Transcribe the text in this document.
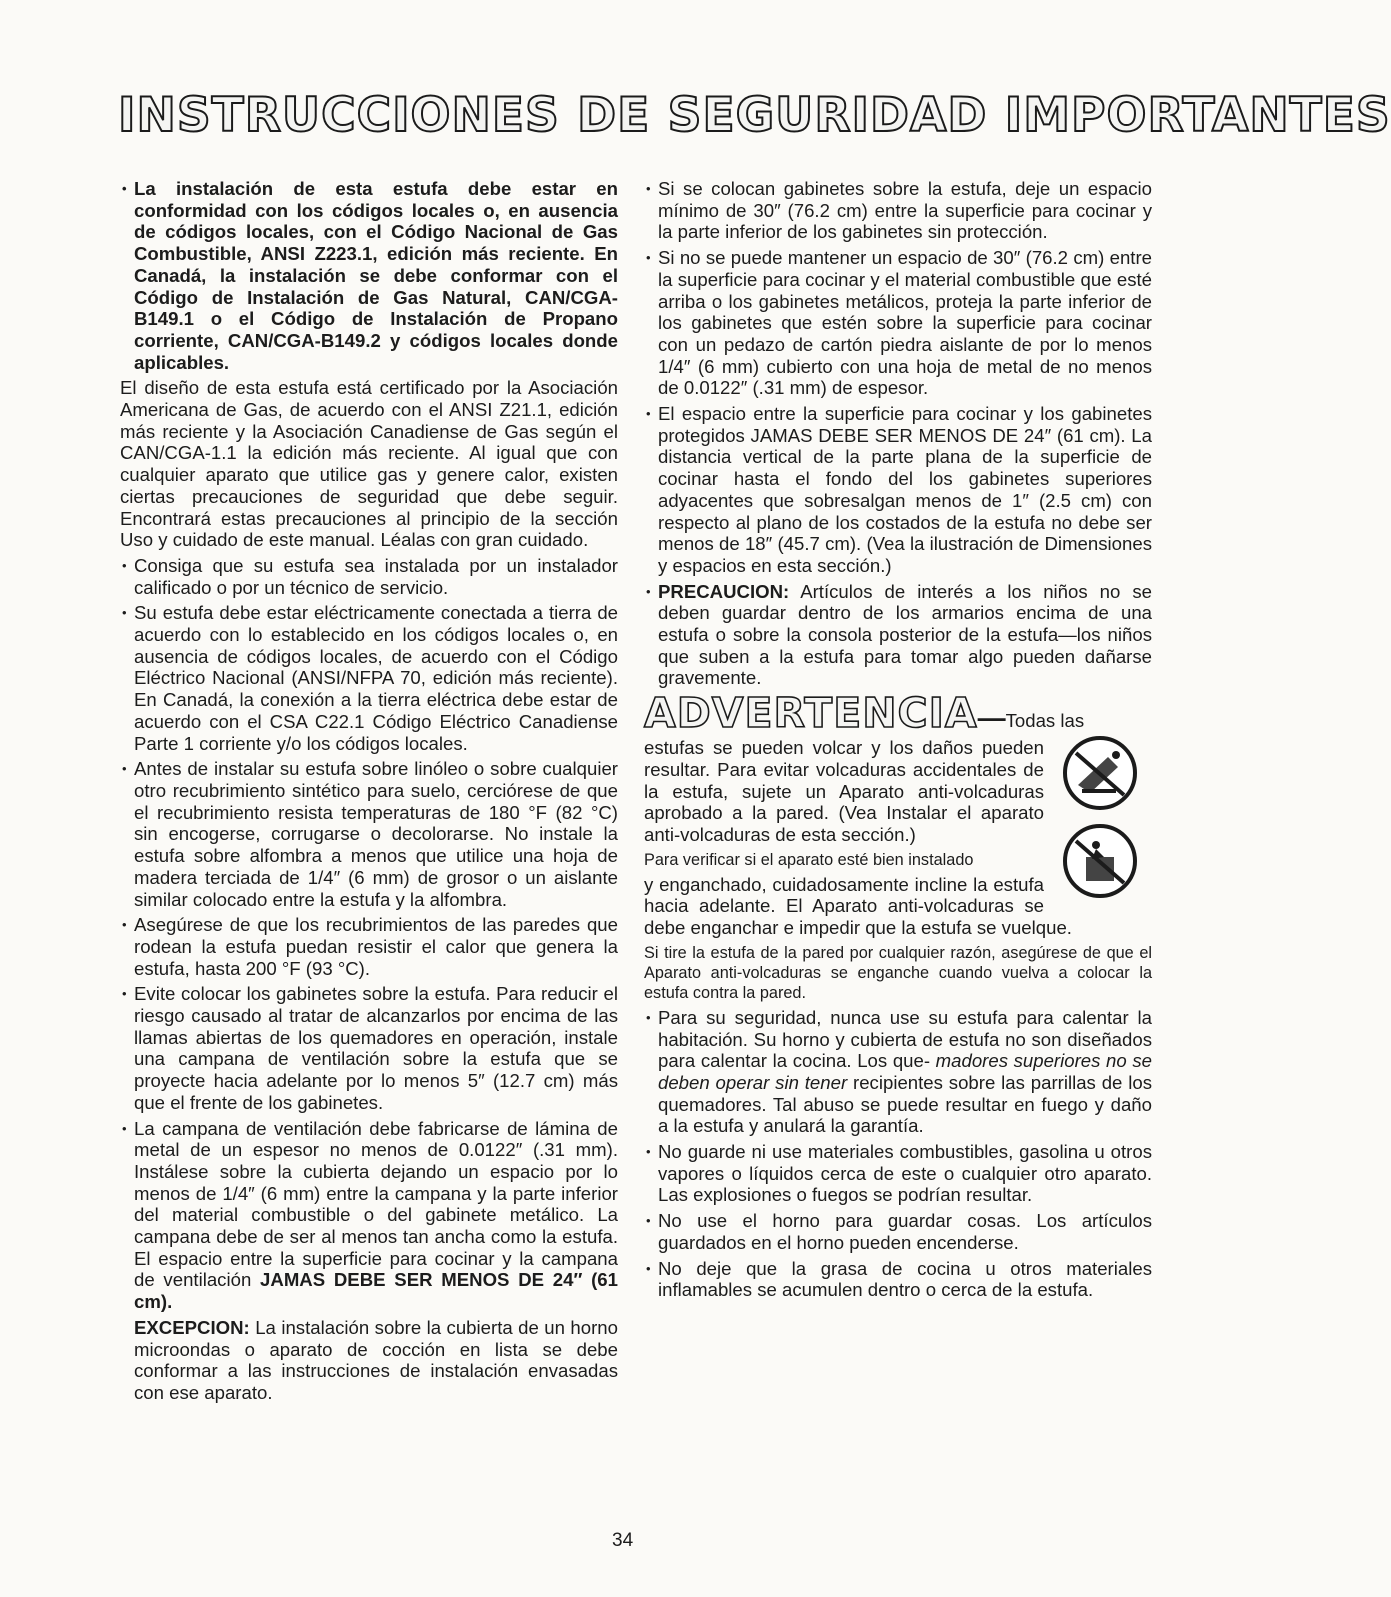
INSTRUCCIONES DE SEGURIDAD IMPORTANTES

• La instalación de esta estufa debe estar en conformidad con los códigos locales o, en ausencia de códigos locales, con el Código Nacional de Gas Combustible, ANSI Z223.1, edición más reciente. En Canadá, la instalación se debe conformar con el Código de Instalación de Gas Natural, CAN/CGA-B149.1 o el Código de Instalación de Propano corriente, CAN/CGA-B149.2 y códigos locales donde aplicables.

El diseño de esta estufa está certificado por la Asociación Americana de Gas, de acuerdo con el ANSI Z21.1, edición más reciente y la Asociación Canadiense de Gas según el CAN/CGA-1.1 la edición más reciente. Al igual que con cualquier aparato que utilice gas y genere calor, existen ciertas precauciones de seguridad que debe seguir. Encontrará estas precauciones al principio de la sección Uso y cuidado de este manual. Léalas con gran cuidado.

• Consiga que su estufa sea instalada por un instalador calificado o por un técnico de servicio.

• Su estufa debe estar eléctricamente conectada a tierra de acuerdo con lo establecido en los códigos locales o, en ausencia de códigos locales, de acuerdo con el Código Eléctrico Nacional (ANSI/NFPA 70, edición más reciente). En Canadá, la conexión a la tierra eléctrica debe estar de acuerdo con el CSA C22.1 Código Eléctrico Canadiense Parte 1 corriente y/o los códigos locales.

• Antes de instalar su estufa sobre linóleo o sobre cualquier otro recubrimiento sintético para suelo, cerciórese de que el recubrimiento resista temperaturas de 180 °F (82 °C) sin encogerse, corrugarse o decolorarse. No instale la estufa sobre alfombra a menos que utilice una hoja de madera terciada de 1/4″ (6 mm) de grosor o un aislante similar colocado entre la estufa y la alfombra.

• Asegúrese de que los recubrimientos de las paredes que rodean la estufa puedan resistir el calor que genera la estufa, hasta 200 °F (93 °C).

• Evite colocar los gabinetes sobre la estufa. Para reducir el riesgo causado al tratar de alcanzarlos por encima de las llamas abiertas de los quemadores en operación, instale una campana de ventilación sobre la estufa que se proyecte hacia adelante por lo menos 5″ (12.7 cm) más que el frente de los gabinetes.

• La campana de ventilación debe fabricarse de lámina de metal de un espesor no menos de 0.0122″ (.31 mm). Instálese sobre la cubierta dejando un espacio por lo menos de 1/4″ (6 mm) entre la campana y la parte inferior del material combustible o del gabinete metálico. La campana debe de ser al menos tan ancha como la estufa. El espacio entre la superficie para cocinar y la campana de ventilación JAMAS DEBE SER MENOS DE 24″ (61 cm).

EXCEPCION: La instalación sobre la cubierta de un horno microondas o aparato de cocción en lista se debe conformar a las instrucciones de instalación envasadas con ese aparato.

• Si se colocan gabinetes sobre la estufa, deje un espacio mínimo de 30″ (76.2 cm) entre la superficie para cocinar y la parte inferior de los gabinetes sin protección.

• Si no se puede mantener un espacio de 30″ (76.2 cm) entre la superficie para cocinar y el material combustible que esté arriba o los gabinetes metálicos, proteja la parte inferior de los gabinetes que estén sobre la superficie para cocinar con un pedazo de cartón piedra aislante de por lo menos 1/4″ (6 mm) cubierto con una hoja de metal de no menos de 0.0122″ (.31 mm) de espesor.

• El espacio entre la superficie para cocinar y los gabinetes protegidos JAMAS DEBE SER MENOS DE 24″ (61 cm). La distancia vertical de la parte plana de la superficie de cocinar hasta el fondo del los gabinetes superiores adyacentes que sobresalgan menos de 1″ (2.5 cm) con respecto al plano de los costados de la estufa no debe ser menos de 18″ (45.7 cm). (Vea la ilustración de Dimensiones y espacios en esta sección.)

• PRECAUCION: Artículos de interés a los niños no se deben guardar dentro de los armarios encima de una estufa o sobre la consola posterior de la estufa—los niños que suben a la estufa para tomar algo pueden dañarse gravemente.

ADVERTENCIA—Todas las

estufas se pueden volcar y los daños pueden resultar. Para evitar volcaduras accidentales de la estufa, sujete un Aparato anti-volcaduras aprobado a la pared. (Vea Instalar el aparato anti-volcaduras de esta sección.)

Para verificar si el aparato esté bien instalado

y enganchado, cuidadosamente incline la estufa hacia adelante. El Aparato anti-volcaduras se debe enganchar e impedir que la estufa se vuelque.

Si tire la estufa de la pared por cualquier razón, asegúrese de que el Aparato anti-volcaduras se enganche cuando vuelva a colocar la estufa contra la pared.

• Para su seguridad, nunca use su estufa para calentar la habitación. Su horno y cubierta de estufa no son diseñados para calentar la cocina. Los que- madores superiores no se deben operar sin tener recipientes sobre las parrillas de los quemadores. Tal abuso se puede resultar en fuego y daño a la estufa y anulará la garantía.

• No guarde ni use materiales combustibles, gasolina u otros vapores o líquidos cerca de este o cualquier otro aparato. Las explosiones o fuegos se podrían resultar.

• No use el horno para guardar cosas. Los artículos guardados en el horno pueden encenderse.

• No deje que la grasa de cocina u otros materiales inflamables se acumulen dentro o cerca de la estufa.

34
